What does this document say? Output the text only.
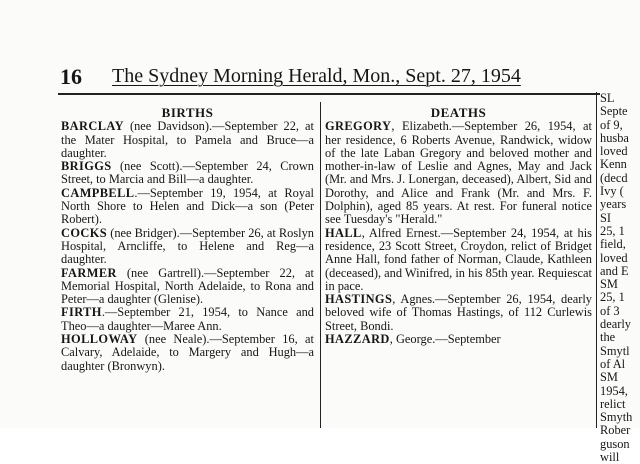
16 The Sydney Morning Herald, Mon., Sept. 27, 1954
BIRTHS

BARCLAY (nee Davidson).—September 22, at the Mater Hospital, to Pamela and Bruce—a daughter.

BRIGGS (nee Scott).—September 24, Crown Street, to Marcia and Bill—a daughter.

CAMPBELL.—September 19, 1954, at Royal North Shore to Helen and Dick—a son (Peter Robert).

COCKS (nee Bridger).—September 26, at Roslyn Hospital, Arncliffe, to Helene and Reg—a daughter.

FARMER (nee Gartrell).—September 22, at Memorial Hospital, North Adelaide, to Rona and Peter—a daughter (Glenise).

FIRTH.—September 21, 1954, to Nance and Theo—a daughter—Maree Ann.

HOLLOWAY (nee Neale).—September 16, at Calvary, Adelaide, to Margery and Hugh—a daughter (Bronwyn).

DEATHS

GREGORY, Elizabeth.—September 26, 1954, at her residence, 6 Roberts Avenue, Randwick, widow of the late Laban Gregory and beloved mother and mother-in-law of Leslie and Agnes, May and Jack (Mr. and Mrs. J. Lonergan, deceased), Albert, Sid and Dorothy, and Alice and Frank (Mr. and Mrs. F. Dolphin), aged 85 years. At rest. For funeral notice see Tuesday's "Herald."

HALL, Alfred Ernest.—September 24, 1954, at his residence, 23 Scott Street, Croydon, relict of Bridget Anne Hall, fond father of Norman, Claude, Kathleen (deceased), and Winifred, in his 85th year. Requiescat in pace.

HASTINGS, Agnes.—September 26, 1954, dearly beloved wife of Thomas Hastings, of 112 Curlewis Street, Bondi.

HAZZARD, George.—September

SL
Septe
of 9,
husba
loved
Kenn
(decd
Ivy (
years
SI
25, 1
field,
loved
and E
SM
25, 1
of 3
dearly
the
Smytl
of Al
SM
1954,
relict
Smyth
Rober
guson
will
